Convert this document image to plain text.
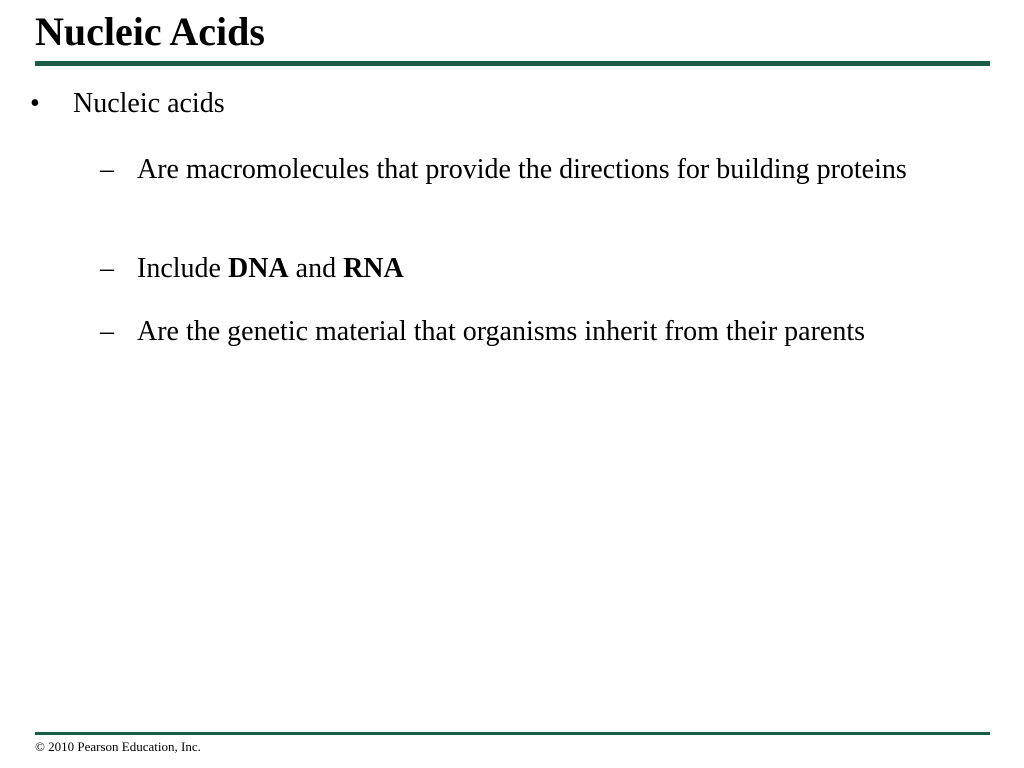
Nucleic Acids
• Nucleic acids
– Are macromolecules that provide the directions for building proteins
– Include DNA and RNA
– Are the genetic material that organisms inherit from their parents
© 2010 Pearson Education, Inc.
